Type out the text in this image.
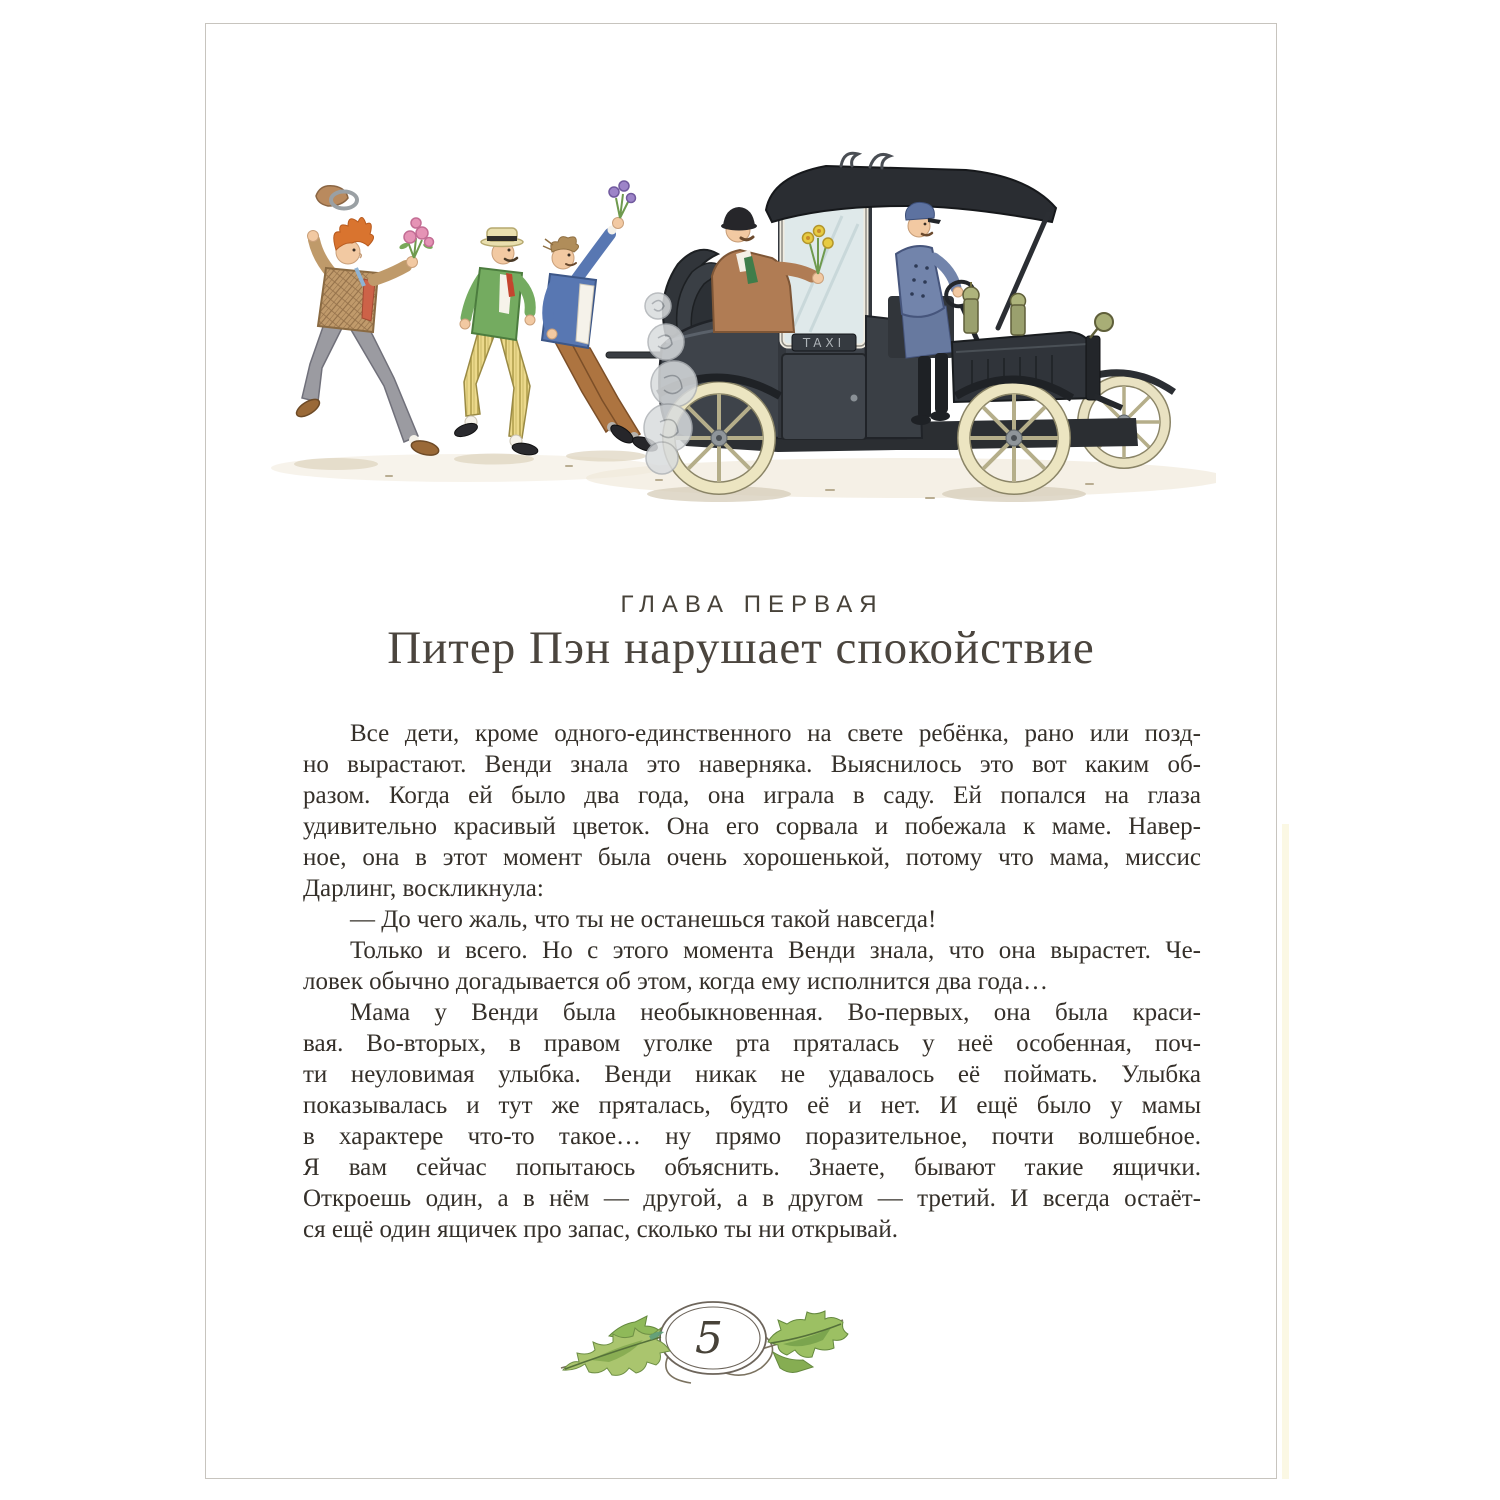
TAXI
ГЛАВА ПЕРВАЯ
Питер Пэн нарушает спокойствие
Все дети, кроме одного-единственного на свете ребёнка, рано или позд-
но вырастают. Венди знала это наверняка. Выяснилось это вот каким об-
разом. Когда ей было два года, она играла в саду. Ей попался на глаза
удивительно красивый цветок. Она его сорвала и побежала к маме. Навер-
ное, она в этот момент была очень хорошенькой, потому что мама, миссис
Дарлинг, воскликнула:
— До чего жаль, что ты не останешься такой навсегда!
Только и всего. Но с этого момента Венди знала, что она вырастет. Че-
ловек обычно догадывается об этом, когда ему исполнится два года…
Мама у Венди была необыкновенная. Во-первых, она была краси-
вая. Во-вторых, в правом уголке рта пряталась у неё особенная, поч-
ти неуловимая улыбка. Венди никак не удавалось её поймать. Улыбка
показывалась и тут же пряталась, будто её и нет. И ещё было у мамы
в характере что-то такое… ну прямо поразительное, почти волшебное.
Я вам сейчас попытаюсь объяснить. Знаете, бывают такие ящички.
Откроешь один, а в нём — другой, а в другом — третий. И всегда остаёт-
ся ещё один ящичек про запас, сколько ты ни открывай.
5
